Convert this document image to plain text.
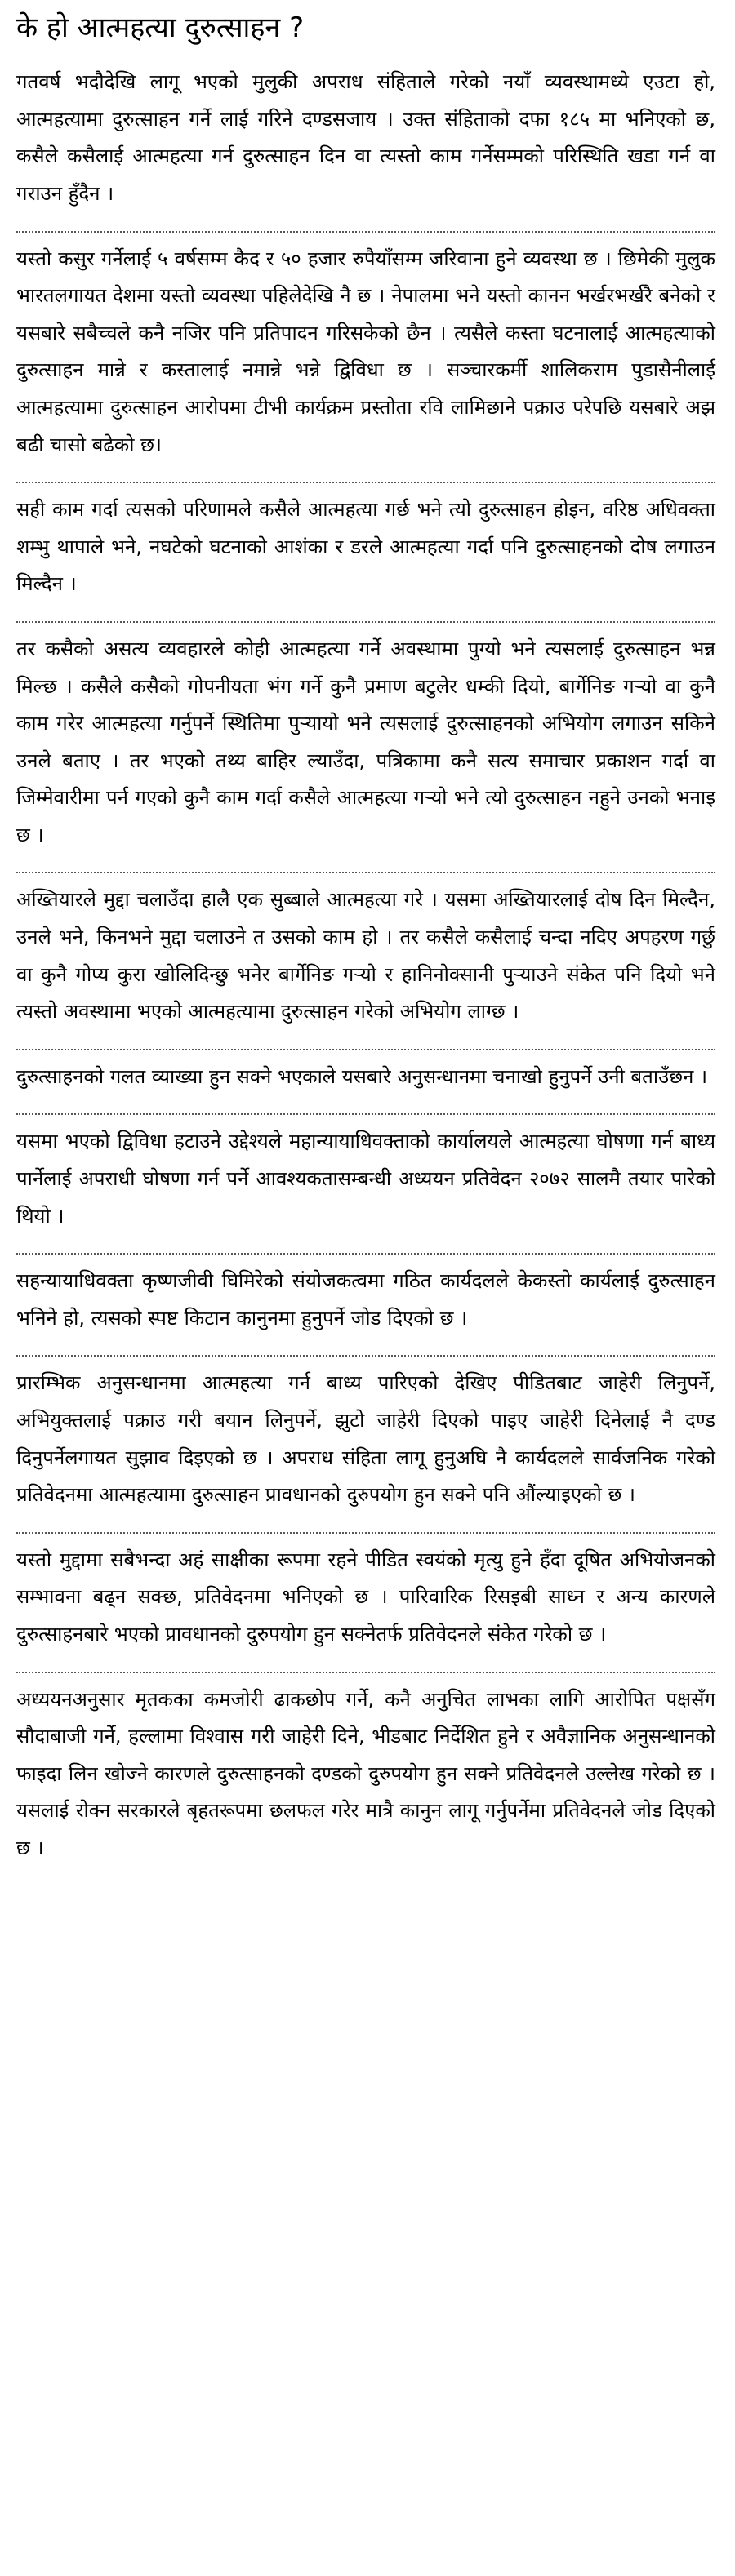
के हो आत्महत्या दुरुत्साहन ?

गतवर्ष भदौदेखि लागू भएको मुलुकी अपराध संहिताले गरेको नयाँ व्यवस्थामध्ये एउटा हो, आत्महत्यामा दुरुत्साहन गर्ने लाई गरिने दण्डसजाय । उक्त संहिताको दफा १८५ मा भनिएको छ, कसैले कसैलाई आत्महत्या गर्न दुरुत्साहन दिन वा त्यस्तो काम गर्नेसम्मको परिस्थिति खडा गर्न वा गराउन हुँदैन ।

यस्तो कसुर गर्नेलाई ५ वर्षसम्म कैद र ५० हजार रुपैयाँसम्म जरिवाना हुने व्यवस्था छ । छिमेकी मुलुक भारतलगायत देशमा यस्तो व्यवस्था पहिलेदेखि नै छ । नेपालमा भने यस्तो कानन भर्खरभर्खरै बनेको र यसबारे सबैच्चले कनै नजिर पनि प्रतिपादन गरिसकेको छैन । त्यसैले कस्ता घटनालाई आत्महत्याको दुरुत्साहन मान्ने र कस्तालाई नमान्ने भन्ने द्विविधा छ । सञ्चारकर्मी शालिकराम पुडासैनीलाई आत्महत्यामा दुरुत्साहन आरोपमा टीभी कार्यक्रम प्रस्तोता रवि लामिछाने पक्राउ परेपछि यसबारे अझ बढी चासो बढेको छ।

सही काम गर्दा त्यसको परिणामले कसैले आत्महत्या गर्छ भने त्यो दुरुत्साहन होइन, वरिष्ठ अधिवक्ता शम्भु थापाले भने, नघटेको घटनाको आशंका र डरले आत्महत्या गर्दा पनि दुरुत्साहनको दोष लगाउन मिल्दैन ।

तर कसैको असत्य व्यवहारले कोही आत्महत्या गर्ने अवस्थामा पुग्यो भने त्यसलाई दुरुत्साहन भन्न मिल्छ । कसैले कसैको गोपनीयता भंग गर्ने कुनै प्रमाण बटुलेर धम्की दियो, बार्गेनिङ गर्‍यो वा कुनै काम गरेर आत्महत्या गर्नुपर्ने स्थितिमा पुर्‍यायो भने त्यसलाई दुरुत्साहनको अभियोग लगाउन सकिने उनले बताए । तर भएको तथ्य बाहिर ल्याउँदा, पत्रिकामा कनै सत्य समाचार प्रकाशन गर्दा वा जिम्मेवारीमा पर्न गएको कुनै काम गर्दा कसैले आत्महत्या गर्‍यो भने त्यो दुरुत्साहन नहुने उनको भनाइ छ ।

अख्तियारले मुद्दा चलाउँदा हालै एक सुब्बाले आत्महत्या गरे । यसमा अख्तियारलाई दोष दिन मिल्दैन, उनले भने, किनभने मुद्दा चलाउने त उसको काम हो । तर कसैले कसैलाई चन्दा नदिए अपहरण गर्छु वा कुनै गोप्य कुरा खोलिदिन्छु भनेर बार्गेनिङ गर्‍यो र हानिनोक्सानी पुर्‍याउने संकेत पनि दियो भने त्यस्तो अवस्थामा भएको आत्महत्यामा दुरुत्साहन गरेको अभियोग लाग्छ ।

दुरुत्साहनको गलत व्याख्या हुन सक्ने भएकाले यसबारे अनुसन्धानमा चनाखो हुनुपर्ने उनी बताउँछन ।

यसमा भएको द्विविधा हटाउने उद्देश्यले महान्यायाधिवक्ताको कार्यालयले आत्महत्या घोषणा गर्न बाध्य पार्नेलाई अपराधी घोषणा गर्न पर्ने आवश्यकतासम्बन्धी अध्ययन प्रतिवेदन २०७२ सालमै तयार पारेको थियो ।

सहन्यायाधिवक्ता कृष्णजीवी घिमिरेको संयोजकत्वमा गठित कार्यदलले केकस्तो कार्यलाई दुरुत्साहन भनिने हो, त्यसको स्पष्ट किटान कानुनमा हुनुपर्ने जोड दिएको छ ।

प्रारम्भिक अनुसन्धानमा आत्महत्या गर्न बाध्य पारिएको देखिए पीडितबाट जाहेरी लिनुपर्ने, अभियुक्तलाई पक्राउ गरी बयान लिनुपर्ने, झुटो जाहेरी दिएको पाइए जाहेरी दिनेलाई नै दण्ड दिनुपर्नेलगायत सुझाव दिइएको छ । अपराध संहिता लागू हुनुअघि नै कार्यदलले सार्वजनिक गरेको प्रतिवेदनमा आत्महत्यामा दुरुत्साहन प्रावधानको दुरुपयोग हुन सक्ने पनि औंल्याइएको छ ।

यस्तो मुद्दामा सबैभन्दा अहं साक्षीका रूपमा रहने पीडित स्वयंको मृत्यु हुने हँदा दूषित अभियोजनको सम्भावना बढ्न सक्छ, प्रतिवेदनमा भनिएको छ । पारिवारिक रिसइबी साध्न र अन्य कारणले दुरुत्साहनबारे भएको प्रावधानको दुरुपयोग हुन सक्नेतर्फ प्रतिवेदनले संकेत गरेको छ ।

अध्ययनअनुसार मृतकका कमजोरी ढाकछोप गर्ने, कनै अनुचित लाभका लागि आरोपित पक्षसँग सौदाबाजी गर्ने, हल्लामा विश्वास गरी जाहेरी दिने, भीडबाट निर्देशित हुने र अवैज्ञानिक अनुसन्धानको फाइदा लिन खोज्ने कारणले दुरुत्साहनको दण्डको दुरुपयोग हुन सक्ने प्रतिवेदनले उल्लेख गरेको छ । यसलाई रोक्न सरकारले बृहतरूपमा छलफल गरेर मात्रै कानुन लागू गर्नुपर्नेमा प्रतिवेदनले जोड दिएको छ ।
